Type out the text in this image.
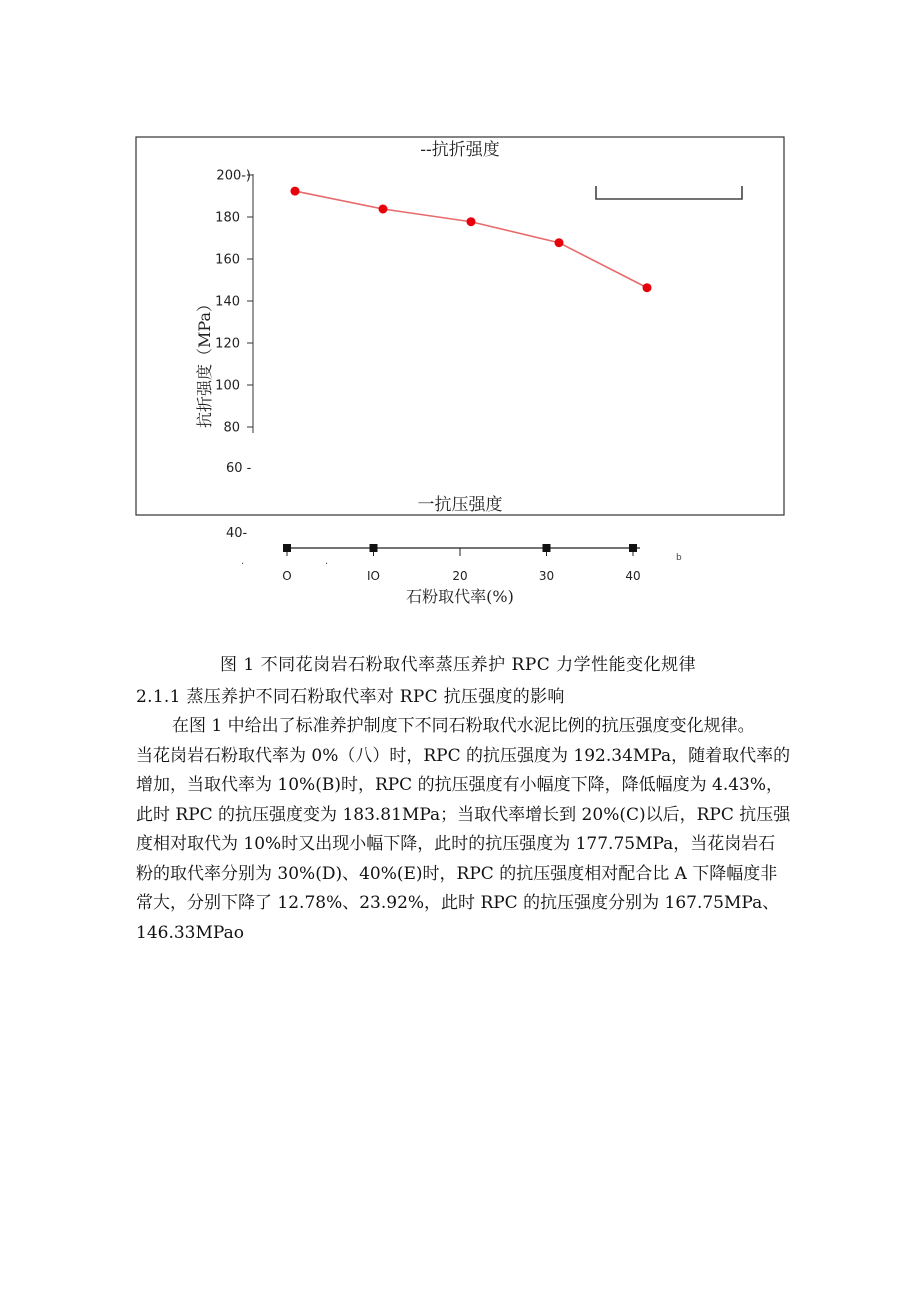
200-)
180
160
140
120
100
80
60 -
40-
--抗折强度
一抗压强度
抗折强度（MPa）
O	IO	20	30	40
.	.	b
石粉取代率(%)
图 1 不同花岗岩石粉取代率蒸压养护 RPC 力学性能变化规律
2.1.1 蒸压养护不同石粉取代率对 RPC 抗压强度的影响
在图 1 中给出了标准养护制度下不同石粉取代水泥比例的抗压强度变化规律。
当花岗岩石粉取代率为 0%（八）时，RPC 的抗压强度为 192.34MPa，随着取代率的
增加，当取代率为 10%(B)时，RPC 的抗压强度有小幅度下降，降低幅度为 4.43%，
此时 RPC 的抗压强度变为 183.81MPa；当取代率增长到 20%(C)以后，RPC 抗压强
度相对取代为 10%时又出现小幅下降，此时的抗压强度为 177.75MPa，当花岗岩石
粉的取代率分别为 30%(D)、40%(E)时，RPC 的抗压强度相对配合比 A 下降幅度非
常大，分别下降了 12.78%、23.92%，此时 RPC 的抗压强度分别为 167.75MPa、
146.33MPao
